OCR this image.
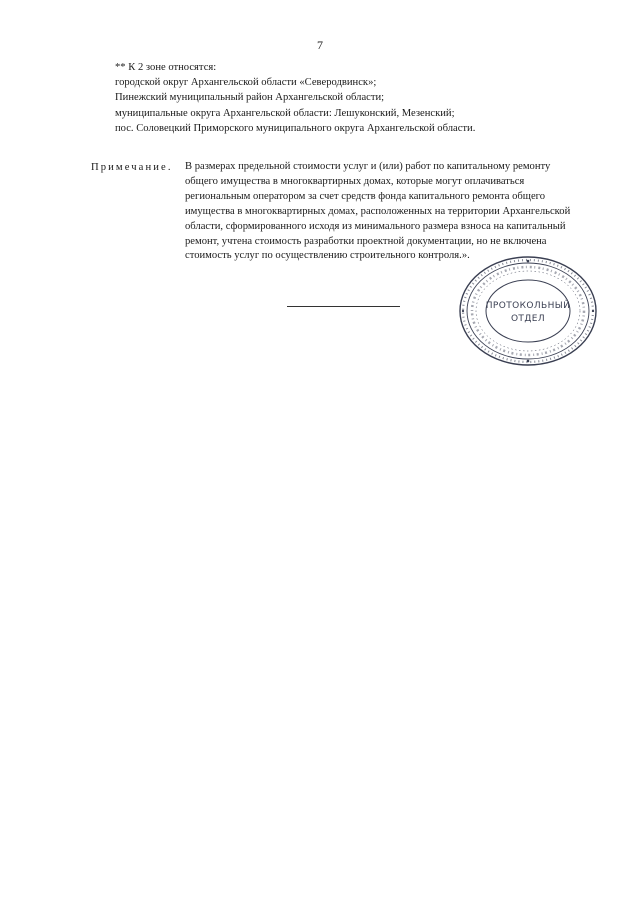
7
** К 2 зоне относятся:
городской округ Архангельской области «Северодвинск»;
Пинежский муниципальный район Архангельской области;
муниципальные округа Архангельской области: Лешуконский, Мезенский;
пос. Соловецкий Приморского муниципального округа Архангельской области.
Примечание. В размерах предельной стоимости услуг и (или) работ по капитальному ремонту
общего имущества в многоквартирных домах, которые могут оплачиваться
региональным оператором за счет средств фонда капитального ремонта общего
имущества в многоквартирных домах, расположенных на территории Архангельской
области, сформированного исходя из минимального размера взноса на капитальный
ремонт, учтена стоимость разработки проектной документации, но не включена
стоимость услуг по осуществлению строительного контроля.».
ПРОТОКОЛЬНЫЙ
ОТДЕЛ
